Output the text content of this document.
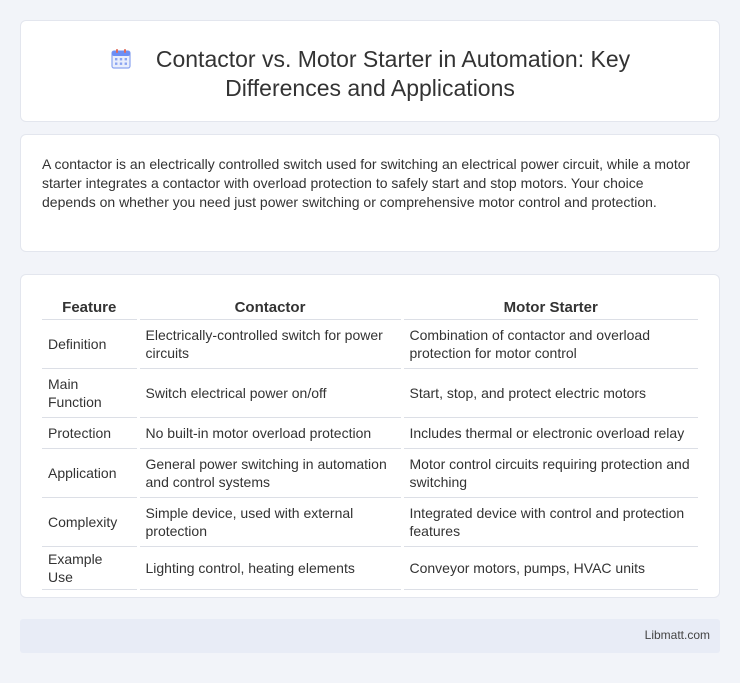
Contactor vs. Motor Starter in Automation: Key Differences and Applications

A contactor is an electrically controlled switch used for switching an electrical power circuit, while a motor starter integrates a contactor with overload protection to safely start and stop motors. Your choice depends on whether you need just power switching or comprehensive motor control and protection.

Feature	Contactor	Motor Starter
Definition	Electrically-controlled switch for power circuits	Combination of contactor and overload protection for motor control
Main Function	Switch electrical power on/off	Start, stop, and protect electric motors
Protection	No built-in motor overload protection	Includes thermal or electronic overload relay
Application	General power switching in automation and control systems	Motor control circuits requiring protection and switching
Complexity	Simple device, used with external protection	Integrated device with control and protection features
Example Use	Lighting control, heating elements	Conveyor motors, pumps, HVAC units
Libmatt.com
